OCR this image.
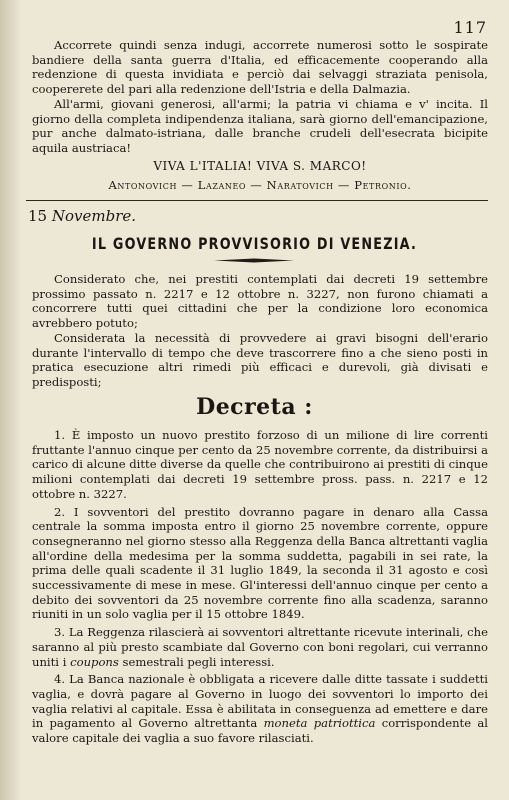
117

Accorrete quindi senza indugi, accorrete numerosi sotto le sospirate bandiere della santa guerra d'Italia, ed efficacemente cooperando alla redenzione di questa invidiata e perciò dai selvaggi straziata penisola, coopererete del pari alla redenzione dell'Istria e della Dalmazia.

All'armi, giovani generosi, all'armi; la patria vi chiama e v' incita. Il giorno della completa indipendenza italiana, sarà giorno dell'emancipazione, pur anche dalmato-istriana, dalle branche crudeli dell'esecrata bicipite aquila austriaca!

VIVA L'ITALIA! VIVA S. MARCO!

Antonovich — Lazaneo — Naratovich — Petronio.

15 Novembre.
IL GOVERNO PROVVISORIO DI VENEZIA.

Considerato che, nei prestiti contemplati dai decreti 19 settembre prossimo passato n. 2217 e 12 ottobre n. 3227, non furono chiamati a concorrere tutti quei cittadini che per la condizione loro economica avrebbero potuto;

Considerata la necessità di provvedere ai gravi bisogni dell'erario durante l'intervallo di tempo che deve trascorrere fino a che sieno posti in pratica esecuzione altri rimedi più efficaci e durevoli, già divisati e predisposti;

Decreta :

1. È imposto un nuovo prestito forzoso di un milione di lire correnti fruttante l'annuo cinque per cento da 25 novembre corrente, da distribuirsi a carico di alcune ditte diverse da quelle che contribuirono ai prestiti di cinque milioni contemplati dai decreti 19 settembre pross. pass. n. 2217 e 12 ottobre n. 3227.

2. I sovventori del prestito dovranno pagare in denaro alla Cassa centrale la somma imposta entro il giorno 25 novembre corrente, oppure consegneranno nel giorno stesso alla Reggenza della Banca altrettanti vaglia all'ordine della medesima per la somma suddetta, pagabili in sei rate, la prima delle quali scadente il 31 luglio 1849, la seconda il 31 agosto e così successivamente di mese in mese. Gl'interessi dell'annuo cinque per cento a debito dei sovventori da 25 novembre corrente fino alla scadenza, saranno riuniti in un solo vaglia per il 15 ottobre 1849.

3. La Reggenza rilascierà ai sovventori altrettante ricevute interinali, che saranno al più presto scambiate dal Governo con boni regolari, cui verranno uniti i coupons semestrali pegli interessi.

4. La Banca nazionale è obbligata a ricevere dalle ditte tassate i suddetti vaglia, e dovrà pagare al Governo in luogo dei sovventori lo importo dei vaglia relativi al capitale. Essa è abilitata in conseguenza ad emettere e dare in pagamento al Governo altrettanta moneta patriottica corrispondente al valore capitale dei vaglia a suo favore rilasciati.
